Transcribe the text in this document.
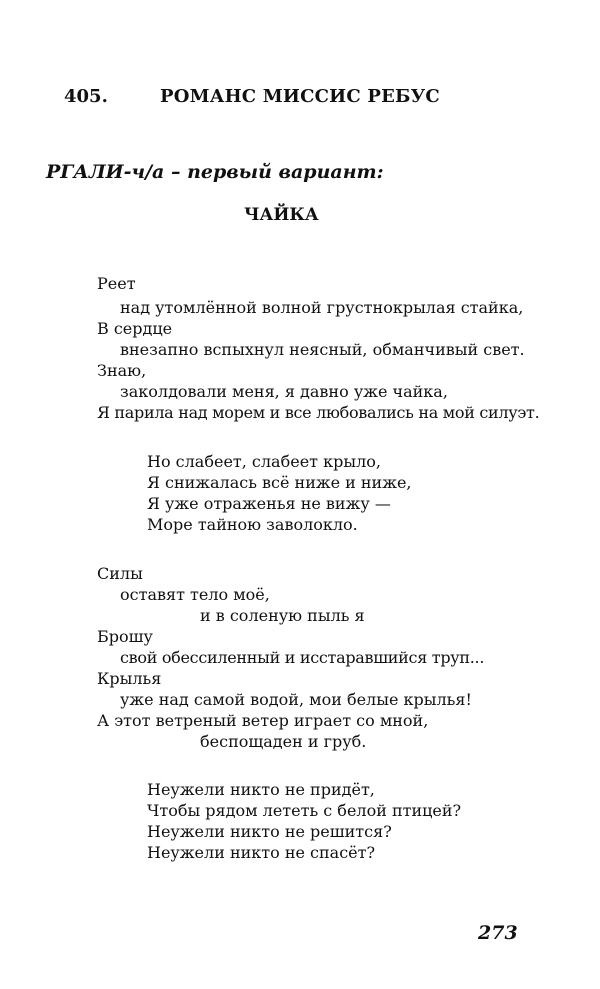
405.	РОМАНС МИССИС РЕБУС
РГАЛИ-ч/а – первый вариант:
ЧАЙКА
Реет
над утомлённой волной грустнокрылая стайка,
В сердце
внезапно вспыхнул неясный, обманчивый свет.
Знаю,
заколдовали меня, я давно уже чайка,
Я парила над морем и все любовались на мой силуэт.
Но слабеет, слабеет крыло,
Я снижалась всё ниже и ниже,
Я уже отраженья не вижу —
Море тайною заволокло.
Силы
оставят тело моё,
и в соленую пыль я
Брошу
свой обессиленный и исстаравшийся труп...
Крылья
уже над самой водой, мои белые крылья!
А этот ветреный ветер играет со мной,
беспощаден и груб.
Неужели никто не придёт,
Чтобы рядом лететь с белой птицей?
Неужели никто не решится?
Неужели никто не спасёт?
273
